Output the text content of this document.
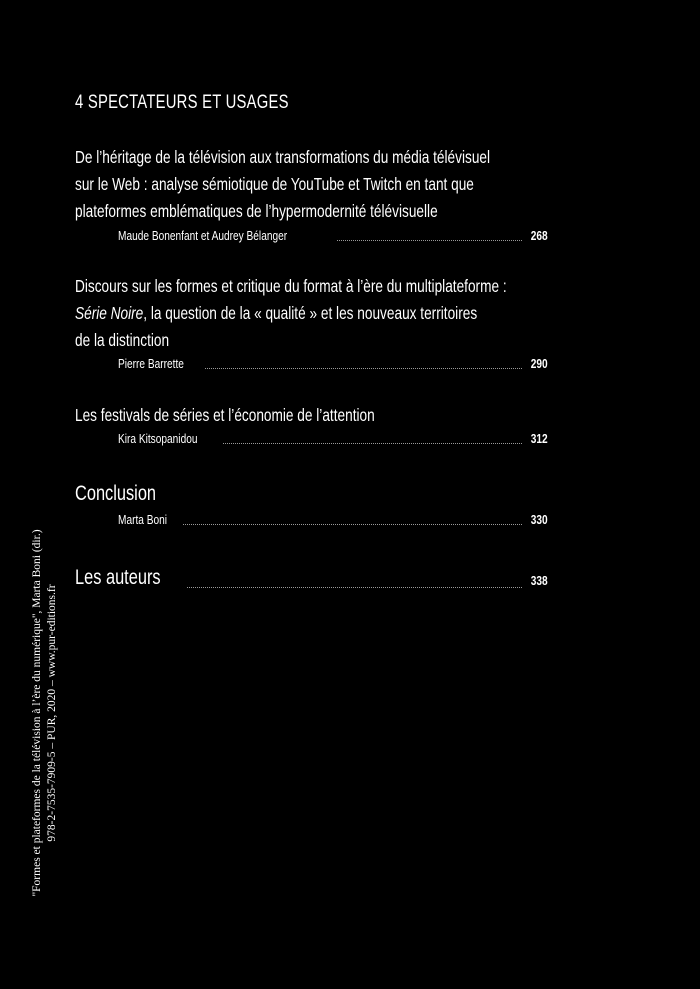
4 SPECTATEURS ET USAGES
De l’héritage de la télévision aux transformations du média télévisuel
sur le Web : analyse sémiotique de YouTube et Twitch en tant que
plateformes emblématiques de l’hypermodernité télévisuelle
Maude Bonenfant et Audrey Bélanger	268
Discours sur les formes et critique du format à l’ère du multiplateforme :
Série Noire, la question de la « qualité » et les nouveaux territoires
de la distinction
Pierre Barrette	290
Les festivals de séries et l’économie de l’attention
Kira Kitsopanidou	312
Conclusion
Marta Boni	330
Les auteurs	338
"Formes et plateformes de la télévision à l’ère du numérique", Marta Boni (dir.) 978-2-7535-7909-5 – PUR, 2020 – www.pur-editions.fr
